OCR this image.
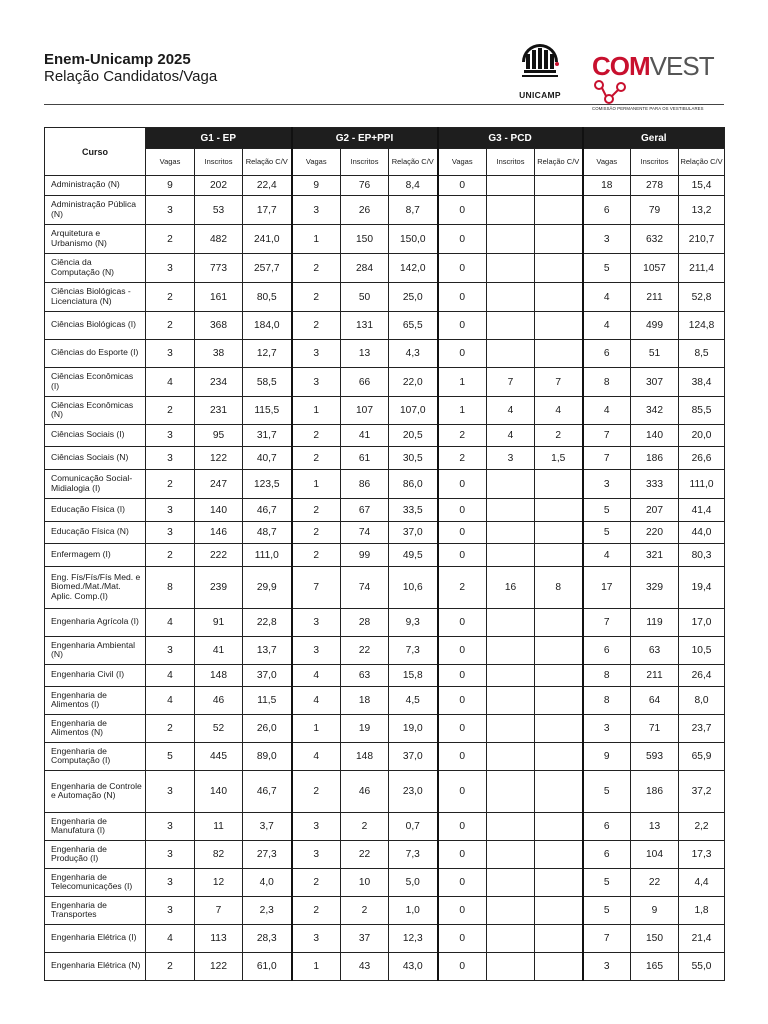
Enem-Unicamp 2025
Relação Candidatos/Vaga
UNICAMP
COMVEST
COMISSÃO PERMANENTE PARA OS VESTIBULARES
Curso	G1 - EP			G2 - EP+PPI			G3 - PCD			Geral		
	Vagas	Inscritos	Relação C/V	Vagas	Inscritos	Relação C/V	Vagas	Inscritos	Relação C/V	Vagas	Inscritos	Relação C/V
Administração (N)	9	202	22,4	9	76	8,4	0			18	278	15,4
Administração Pública (N)	3	53	17,7	3	26	8,7	0			6	79	13,2
Arquitetura e Urbanismo (N)	2	482	241,0	1	150	150,0	0			3	632	210,7
Ciência da Computação (N)	3	773	257,7	2	284	142,0	0			5	1057	211,4
Ciências Biológicas - Licenciatura (N)	2	161	80,5	2	50	25,0	0			4	211	52,8
Ciências Biológicas (I)	2	368	184,0	2	131	65,5	0			4	499	124,8
Ciências do Esporte (I)	3	38	12,7	3	13	4,3	0			6	51	8,5
Ciências Econômicas (I)	4	234	58,5	3	66	22,0	1	7	7	8	307	38,4
Ciências Econômicas (N)	2	231	115,5	1	107	107,0	1	4	4	4	342	85,5
Ciências Sociais (I)	3	95	31,7	2	41	20,5	2	4	2	7	140	20,0
Ciências Sociais (N)	3	122	40,7	2	61	30,5	2	3	1,5	7	186	26,6
Comunicação Social- Midialogia (I)	2	247	123,5	1	86	86,0	0			3	333	111,0
Educação Física (I)	3	140	46,7	2	67	33,5	0			5	207	41,4
Educação Física (N)	3	146	48,7	2	74	37,0	0			5	220	44,0
Enfermagem (I)	2	222	111,0	2	99	49,5	0			4	321	80,3
Eng. Fís/Fís/Fís Med. e Biomed./Mat./Mat. Aplic. Comp.(I)	8	239	29,9	7	74	10,6	2	16	8	17	329	19,4
Engenharia Agrícola (I)	4	91	22,8	3	28	9,3	0			7	119	17,0
Engenharia Ambiental (N)	3	41	13,7	3	22	7,3	0			6	63	10,5
Engenharia Civil (I)	4	148	37,0	4	63	15,8	0			8	211	26,4
Engenharia de Alimentos (I)	4	46	11,5	4	18	4,5	0			8	64	8,0
Engenharia de Alimentos (N)	2	52	26,0	1	19	19,0	0			3	71	23,7
Engenharia de Computação (I)	5	445	89,0	4	148	37,0	0			9	593	65,9
Engenharia de Controle e Automação (N)	3	140	46,7	2	46	23,0	0			5	186	37,2
Engenharia de Manufatura (I)	3	11	3,7	3	2	0,7	0			6	13	2,2
Engenharia de Produção (I)	3	82	27,3	3	22	7,3	0			6	104	17,3
Engenharia de Telecomunicações (I)	3	12	4,0	2	10	5,0	0			5	22	4,4
Engenharia de Transportes	3	7	2,3	2	2	1,0	0			5	9	1,8
Engenharia Elétrica (I)	4	113	28,3	3	37	12,3	0			7	150	21,4
Engenharia Elétrica (N)	2	122	61,0	1	43	43,0	0			3	165	55,0
